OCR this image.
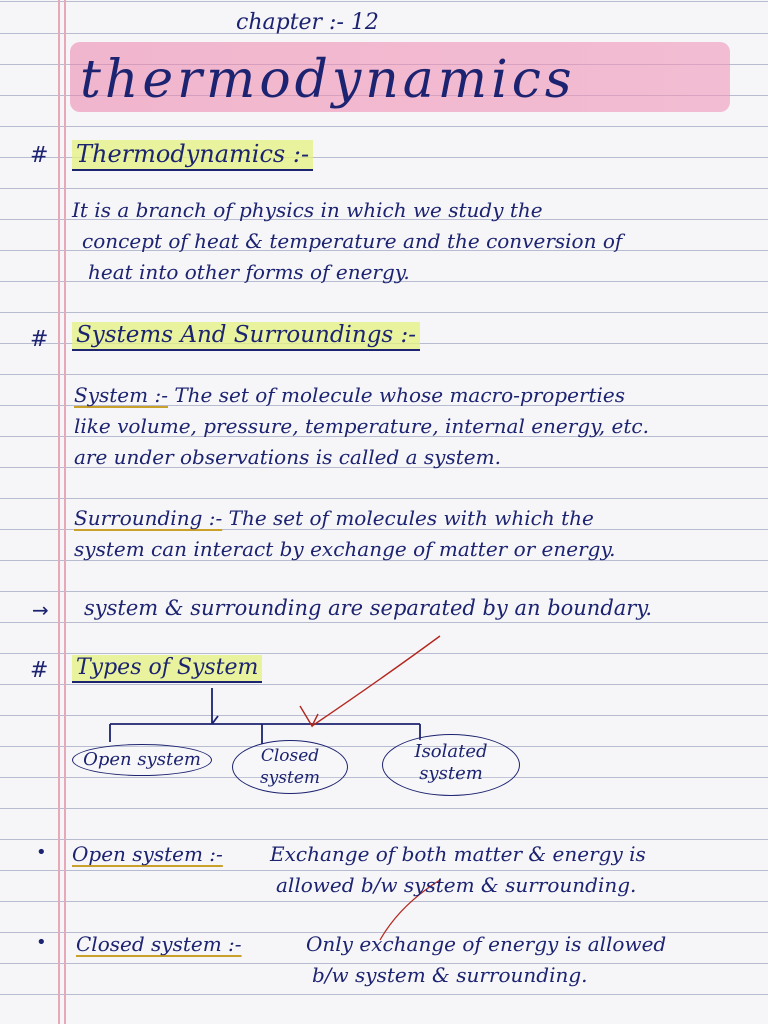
chapter :- 12
thermodynamics
# Thermodynamics :-
It is a branch of physics in which we study the
concept of heat & temperature and the conversion of
heat into other forms of energy.
# Systems And Surroundings :-
System :- The set of molecule whose macro-properties
like volume, pressure, temperature, internal energy, etc.
are under observations is called a system.
Surrounding :- The set of molecules with which the
system can interact by exchange of matter or energy.
→ system & surrounding are separated by an boundary.
# Types of System
Open system	Closed system
Isolated system
• Open system :- Exchange of both matter & energy is
allowed b/w system & surrounding.
• Closed system :-	Only exchange of energy is allowed
b/w system & surrounding.
